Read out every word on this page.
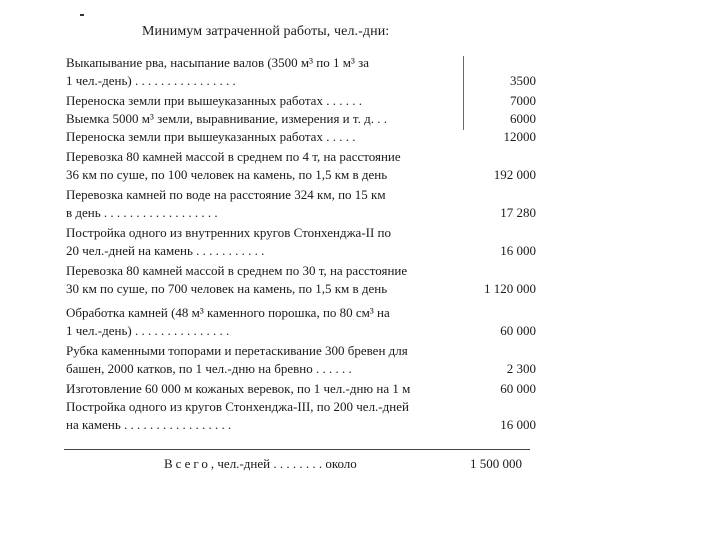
Минимум затраченной работы, чел.-дни:
Выкапывание рва, насыпание валов (3500 м³ по 1 м³ за
1 чел.-день) . . . . . . . . . . . . . . . .	3500
Переноска земли при вышеуказанных работах . . . . . .	7000
Выемка 5000 м³ земли, выравнивание, измерения и т. д. . .	6000
Переноска земли при вышеуказанных работах . . . . .	12000
Перевозка 80 камней массой в среднем по 4 т, на расстояние
36 км по суше, по 100 человек на камень, по 1,5 км в день	192 000
Перевозка камней по воде на расстояние 324 км, по 15 км
в день . . . . . . . . . . . . . . . . . .	17 280
Постройка одного из внутренних кругов Стонхенджа-II по
20 чел.-дней на камень . . . . . . . . . . .	16 000
Перевозка 80 камней массой в среднем по 30 т, на расстояние
30 км по суше, по 700 человек на камень, по 1,5 км в день	1 120 000
Обработка камней (48 м³ каменного порошка, по 80 см³ на
1 чел.-день) . . . . . . . . . . . . . . .	60 000
Рубка каменными топорами и перетаскивание 300 бревен для
башен, 2000 катков, по 1 чел.-дню на бревно . . . . . .	2 300
Изготовление 60 000 м кожаных веревок, по 1 чел.-дню на 1 м	60 000
Постройка одного из кругов Стонхенджа-III, по 200 чел.-дней
на камень . . . . . . . . . . . . . . . . .	16 000
Всего, чел.-дней . . . . . . . . около	1 500 000
